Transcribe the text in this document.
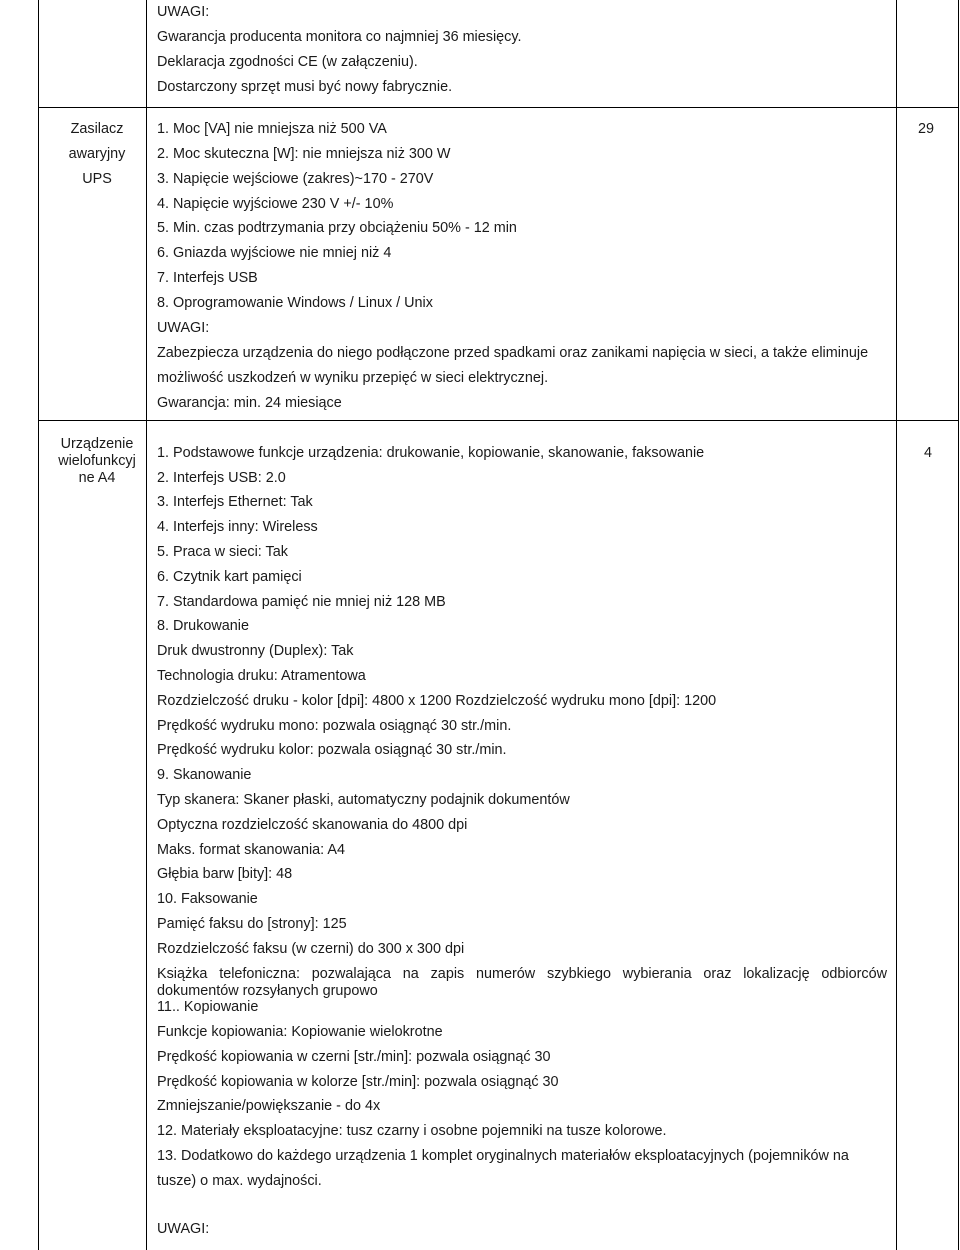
UWAGI:
Gwarancja producenta monitora co najmniej 36 miesięcy.
Deklaracja zgodności CE (w załączeniu).
Dostarczony sprzęt musi być nowy fabrycznie.
Zasilacz
awaryjny
UPS
29
1. Moc [VA] nie mniejsza niż 500 VA
2. Moc skuteczna [W]: nie mniejsza niż 300 W
3. Napięcie wejściowe (zakres)~170 - 270V
4. Napięcie wyjściowe 230 V +/- 10%
5. Min. czas podtrzymania przy obciążeniu 50% - 12 min
6. Gniazda wyjściowe nie mniej niż 4
7. Interfejs USB
8. Oprogramowanie Windows / Linux / Unix
UWAGI:
Zabezpiecza urządzenia do niego podłączone przed spadkami oraz zanikami napięcia w sieci, a także eliminuje
możliwość uszkodzeń w wyniku przepięć w sieci elektrycznej.
Gwarancja: min. 24 miesiące
Urządzenie
wielofunkcyj
ne A4
4
1. Podstawowe funkcje urządzenia: drukowanie, kopiowanie, skanowanie, faksowanie
2. Interfejs USB: 2.0
3. Interfejs Ethernet: Tak
4. Interfejs inny: Wireless
5. Praca w sieci: Tak
6. Czytnik kart pamięci
7. Standardowa pamięć nie mniej niż 128 MB
8. Drukowanie
Druk dwustronny (Duplex): Tak
Technologia druku: Atramentowa
Rozdzielczość druku - kolor [dpi]: 4800 x 1200 Rozdzielczość wydruku mono [dpi]: 1200
Prędkość wydruku mono: pozwala osiągnąć 30 str./min.
Prędkość wydruku kolor: pozwala osiągnąć 30 str./min.
9. Skanowanie
Typ skanera: Skaner płaski, automatyczny podajnik dokumentów
Optyczna rozdzielczość skanowania do 4800 dpi
Maks. format skanowania: A4
Głębia barw [bity]: 48
10. Faksowanie
Pamięć faksu do [strony]: 125
Rozdzielczość faksu (w czerni) do 300 x 300 dpi
Książka telefoniczna: pozwalająca na zapis numerów szybkiego wybierania oraz lokalizację odbiorców
dokumentów rozsyłanych grupowo
11.. Kopiowanie
Funkcje kopiowania: Kopiowanie wielokrotne
Prędkość kopiowania w czerni [str./min]: pozwala osiągnąć 30
Prędkość kopiowania w kolorze [str./min]: pozwala osiągnąć 30
Zmniejszanie/powiększanie - do 4x
12. Materiały eksploatacyjne: tusz czarny i osobne pojemniki na tusze kolorowe.
13. Dodatkowo do każdego urządzenia 1 komplet oryginalnych materiałów eksploatacyjnych (pojemników na
tusze) o max. wydajności.
UWAGI:
